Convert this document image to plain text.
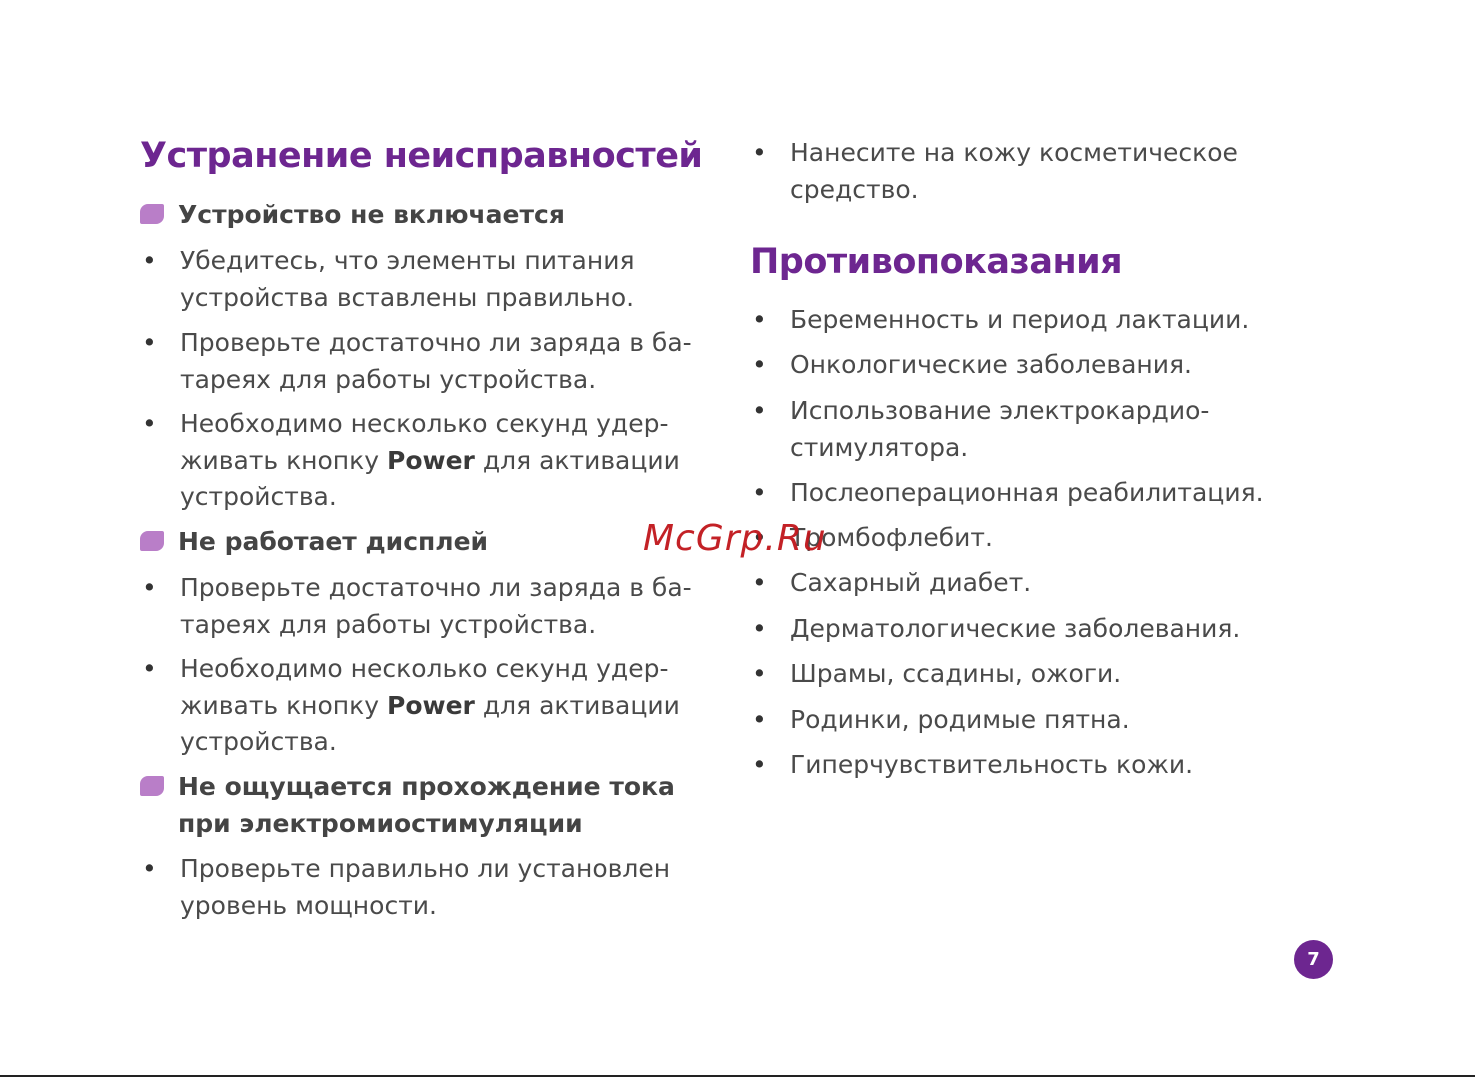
Устранение неисправностей
Устройство не включается
•
Убедитесь, что элементы питания
устройства вставлены правильно.
•
Проверьте достаточно ли заряда в ба-
тареях для работы устройства.
•
Необходимо несколько секунд удер-
живать кнопку Power для активации
устройства.
Не работает дисплей
•
Проверьте достаточно ли заряда в ба-
тареях для работы устройства.
•
Необходимо несколько секунд удер-
живать кнопку Power для активации
устройства.
Не ощущается прохождение тока
при электромиостимуляции
•
Проверьте правильно ли установлен
уровень мощности.
•
Нанесите на кожу косметическое
средство.
Противопоказания
•
Беременность и период лактации.
•
Онкологические заболевания.
•
Использование электрокардио-
стимулятора.
•
Послеоперационная реабилитация.
•
Тромбофлебит.
•
Сахарный диабет.
•
Дерматологические заболевания.
•
Шрамы, ссадины, ожоги.
•
Родинки, родимые пятна.
•
Гиперчувствительность кожи.
McGrp.Ru
7
